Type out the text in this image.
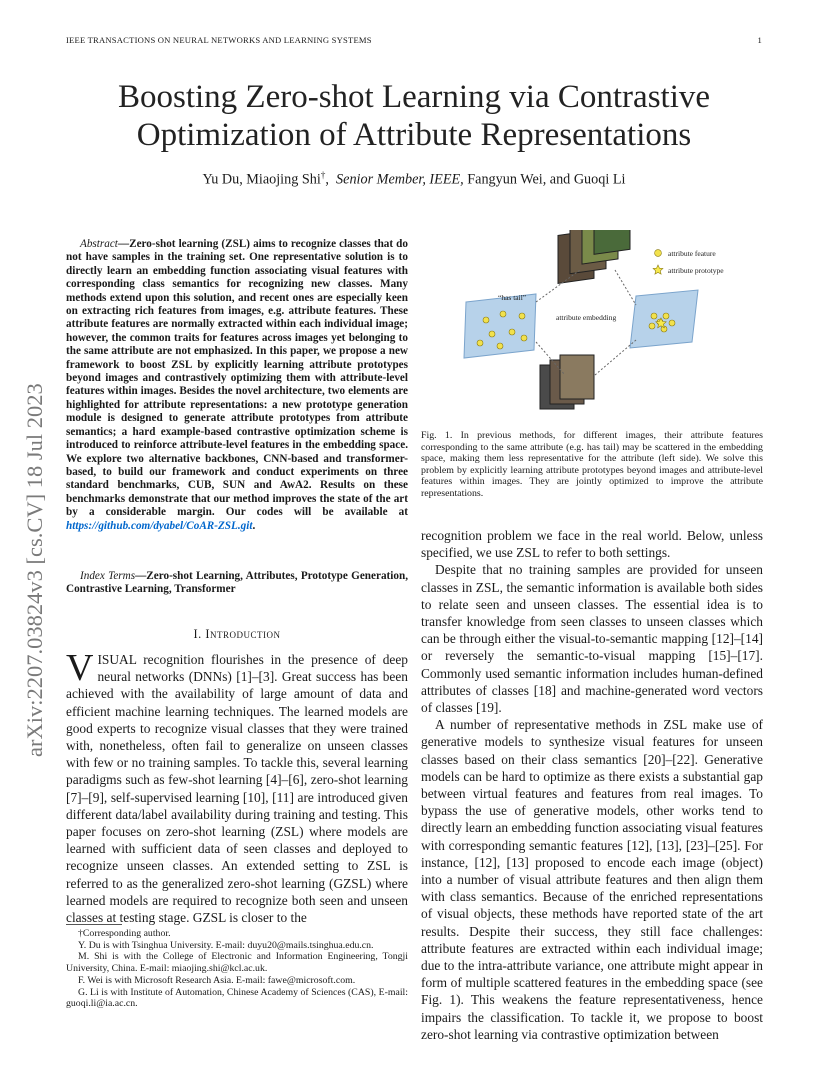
IEEE TRANSACTIONS ON NEURAL NETWORKS AND LEARNING SYSTEMS	1
arXiv:2207.03824v3 [cs.CV] 18 Jul 2023
Boosting Zero-shot Learning via Contrastive
Optimization of Attribute Representations
Yu Du, Miaojing Shi†,  Senior Member, IEEE, Fangyun Wei, and Guoqi Li
Abstract—Zero-shot learning (ZSL) aims to recognize classes that do not have samples in the training set. One representative solution is to directly learn an embedding function associating visual features with corresponding class semantics for recognizing new classes. Many methods extend upon this solution, and recent ones are especially keen on extracting rich features from images, e.g. attribute features. These attribute features are normally extracted within each individual image; however, the common traits for features across images yet belonging to the same attribute are not emphasized. In this paper, we propose a new framework to boost ZSL by explicitly learning attribute prototypes beyond images and contrastively optimizing them with attribute-level features within images. Besides the novel architecture, two elements are highlighted for attribute representations: a new prototype generation module is designed to generate attribute prototypes from attribute semantics; a hard example-based contrastive optimization scheme is introduced to reinforce attribute-level features in the embedding space. We explore two alternative backbones, CNN-based and transformer-based, to build our framework and conduct experiments on three standard benchmarks, CUB, SUN and AwA2. Results on these benchmarks demonstrate that our method improves the state of the art by a considerable margin. Our codes will be available at https://github.com/dyabel/CoAR-ZSL.git.
Index Terms—Zero-shot Learning, Attributes, Prototype Generation, Contrastive Learning, Transformer
I. Introduction
VISUAL recognition flourishes in the presence of deep neural networks (DNNs) [1]–[3]. Great success has been achieved with the availability of large amount of data and efficient machine learning techniques. The learned models are good experts to recognize visual classes that they were trained with, nonetheless, often fail to generalize on unseen classes with few or no training samples. To tackle this, several learning paradigms such as few-shot learning [4]–[6], zero-shot learning [7]–[9], self-supervised learning [10], [11] are introduced given different data/label availability during training and testing. This paper focuses on zero-shot learning (ZSL) where models are learned with sufficient data of seen classes and deployed to recognize unseen classes. An extended setting to ZSL is referred to as the generalized zero-shot learning (GZSL) where learned models are required to recognize both seen and unseen classes at testing stage. GZSL is closer to the
†Corresponding author.
Y. Du is with Tsinghua University. E-mail: duyu20@mails.tsinghua.edu.cn.
M. Shi is with the College of Electronic and Information Engineering, Tongji University, China. E-mail: miaojing.shi@kcl.ac.uk.
F. Wei is with Microsoft Research Asia. E-mail: fawe@microsoft.com.
G. Li is with Institute of Automation, Chinese Academy of Sciences (CAS), E-mail: guoqi.li@ia.ac.cn.
attribute feature
attribute prototype
“has tail”
attribute embedding
Fig. 1. In previous methods, for different images, their attribute features corresponding to the same attribute (e.g. has tail) may be scattered in the embedding space, making them less representative for the attribute (left side). We solve this problem by explicitly learning attribute prototypes beyond images and attribute-level features within images. They are jointly optimized to improve the attribute representations.

recognition problem we face in the real world. Below, unless specified, we use ZSL to refer to both settings.

Despite that no training samples are provided for unseen classes in ZSL, the semantic information is available both sides to relate seen and unseen classes. The essential idea is to transfer knowledge from seen classes to unseen classes which can be through either the visual-to-semantic mapping [12]–[14] or reversely the semantic-to-visual mapping [15]–[17]. Commonly used semantic information includes human-defined attributes of classes [18] and machine-generated word vectors of classes [19].

A number of representative methods in ZSL make use of generative models to synthesize visual features for unseen classes based on their class semantics [20]–[22]. Generative models can be hard to optimize as there exists a substantial gap between virtual features and features from real images. To bypass the use of generative models, other works tend to directly learn an embedding function associating visual features with corresponding semantic features [12], [13], [23]–[25]. For instance, [12], [13] proposed to encode each image (object) into a number of visual attribute features and then align them with class semantics. Because of the enriched representations of visual objects, these methods have reported state of the art results. Despite their success, they still face challenges: attribute features are extracted within each individual image; due to the intra-attribute variance, one attribute might appear in form of multiple scattered features in the embedding space (see Fig. 1). This weakens the feature representativeness, hence impairs the classification. To tackle it, we propose to boost zero-shot learning via contrastive optimization between
